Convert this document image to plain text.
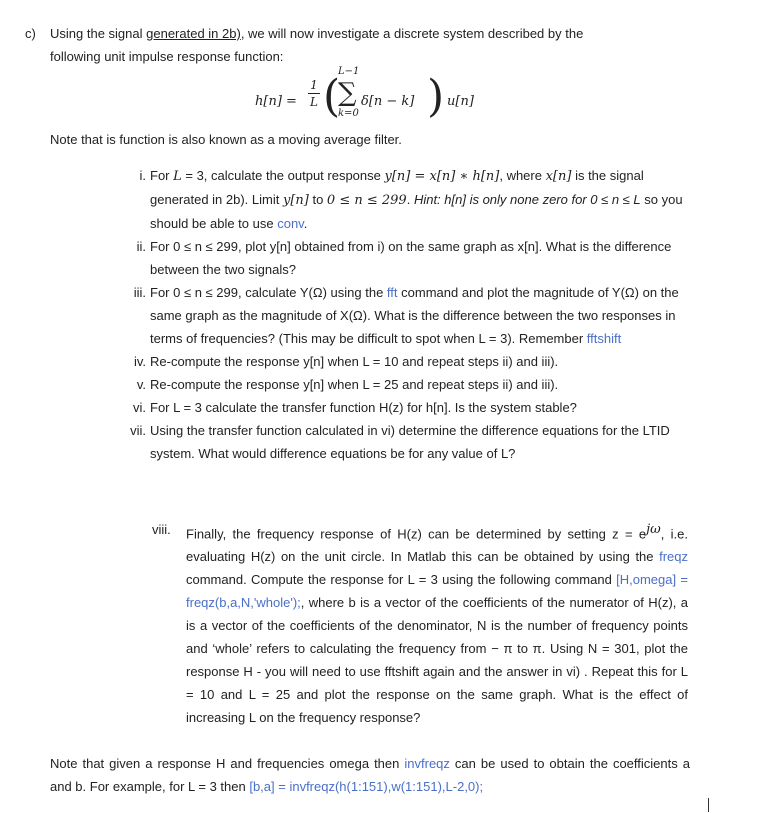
c) Using the signal generated in 2b), we will now investigate a discrete system described by the
following unit impulse response function:
h[n] =
1
L (
L−1
∑
k=0
δ[n − k] ) u[n]
Note that is function is also known as a moving average filter.
i. For L = 3, calculate the output response y[n] = x[n] ∗ h[n], where x[n] is the signal generated in 2b). Limit y[n] to 0 ≤ n ≤ 299. Hint: h[n] is only none zero for 0 ≤ n ≤ L so you should be able to use conv.
ii. For 0 ≤ n ≤ 299, plot y[n] obtained from i) on the same graph as x[n]. What is the difference between the two signals?
iii. For 0 ≤ n ≤ 299, calculate Y(Ω) using the fft command and plot the magnitude of Y(Ω) on the same graph as the magnitude of X(Ω). What is the difference between the two responses in terms of frequencies? (This may be difficult to spot when L = 3). Remember fftshift
iv. Re-compute the response y[n] when L = 10 and repeat steps ii) and iii).
v. Re-compute the response y[n] when L = 25 and repeat steps ii) and iii).
vi. For L = 3 calculate the transfer function H(z) for h[n]. Is the system stable?
vii. Using the transfer function calculated in vi) determine the difference equations for the LTID system. What would difference equations be for any value of L?
viii.	Finally, the frequency response of H(z) can be determined by setting $z = e^{j\omega}$, i.e. evaluating H(z) on the unit circle. In Matlab this can be obtained by using the freqz command. Compute the response for L = 3 using the following command [H,omega] = freqz(b,a,N,'whole');, where b is a vector of the coefficients of the numerator of H(z), a is a vector of the coefficients of the denominator, N is the number of frequency points and ‘whole’ refers to calculating the frequency from − π to π. Using N = 301, plot the response H - you will need to use fftshift again and the answer in vi) . Repeat this for L = 10 and L = 25 and plot the response on the same graph. What is the effect of increasing L on the frequency response?
Note that given a response H and frequencies omega then invfreqz can be used to obtain the coefficients a and b. For example, for L = 3 then [b,a] = invfreqz(h(1:151),w(1:151),L-2,0);
